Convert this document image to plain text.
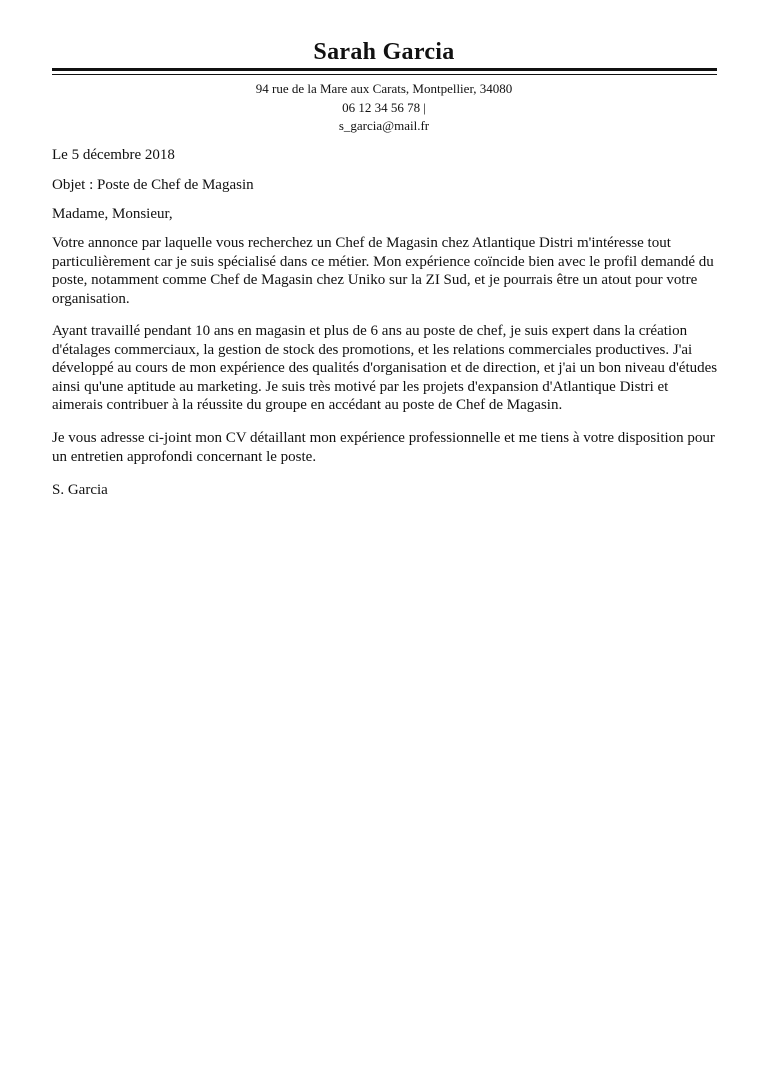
Sarah Garcia
94 rue de la Mare aux Carats, Montpellier, 34080
06 12 34 56 78 |
s_garcia@mail.fr

Le 5 décembre 2018

Objet : Poste de Chef de Magasin

Madame, Monsieur,

Votre annonce par laquelle vous recherchez un Chef de Magasin chez Atlantique Distri m'intéresse tout particulièrement car je suis spécialisé dans ce métier. Mon expérience coïncide bien avec le profil demandé du poste, notamment comme Chef de Magasin chez Uniko sur la ZI Sud, et je pourrais être un atout pour votre organisation.

Ayant travaillé pendant 10 ans en magasin et plus de 6 ans au poste de chef, je suis expert dans la création d'étalages commerciaux, la gestion de stock des promotions, et les relations commerciales productives. J'ai développé au cours de mon expérience des qualités d'organisation et de direction, et j'ai un bon niveau d'études ainsi qu'une aptitude au marketing. Je suis très motivé par les projets d'expansion d'Atlantique Distri et aimerais contribuer à la réussite du groupe en accédant au poste de Chef de Magasin.

Je vous adresse ci-joint mon CV détaillant mon expérience professionnelle et me tiens à votre disposition pour un entretien approfondi concernant le poste.

S. Garcia
